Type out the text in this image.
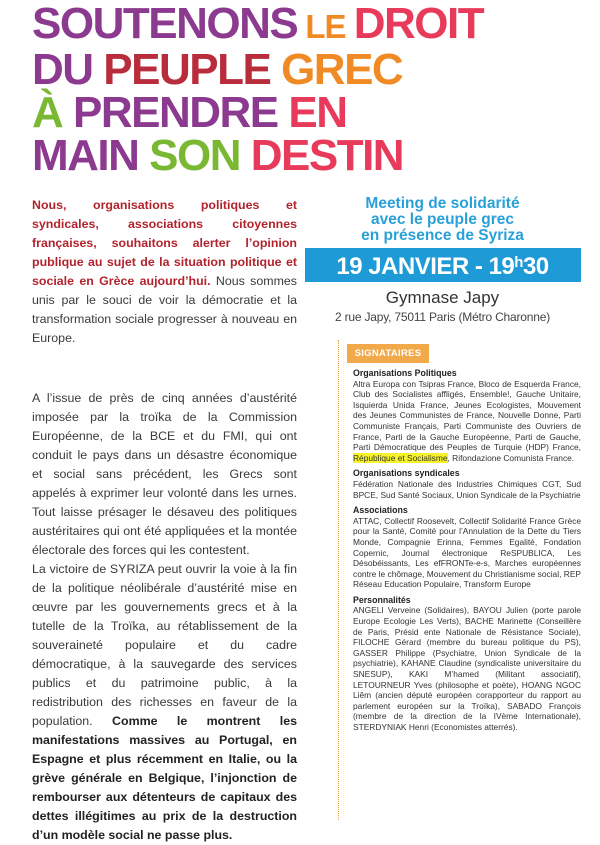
SOUTENONS LE DROIT
DU PEUPLE GREC
À PRENDRE EN
MAIN SON DESTIN
Nous, organisations politiques et syndicales, associations citoyennes françaises, souhaitons alerter l’opinion publique au sujet de la situation politique et sociale en Grèce aujourd’hui. Nous sommes unis par le souci de voir la démocratie et la transformation sociale progresser à nouveau en Europe.

A l’issue de près de cinq années d’austérité imposée par la troïka de la Commission Européenne, de la BCE et du FMI, qui ont conduit le pays dans un désastre économique et social sans précédent, les Grecs sont appelés à exprimer leur volonté dans les urnes. Tout laisse présager le désaveu des politiques austéritaires qui ont été appliquées et la montée électorale des forces qui les contestent.

La victoire de SYRIZA peut ouvrir la voie à la fin de la politique néolibérale d’austérité mise en œuvre par les gouvernements grecs et à la tutelle de la Troïka, au rétablissement de la souveraineté populaire et du cadre démocratique, à la sauvegarde des services publics et du patrimoine public, à la redistribution des richesses en faveur de la population. Comme le montrent les manifestations massives au Portugal, en Espagne et plus récemment en Italie, ou la grève générale en Belgique, l’injonction de rembourser aux détenteurs de capitaux des dettes illégitimes au prix de la destruction d’un modèle social ne passe plus.

Meeting de solidarité
avec le peuple grec
en présence de Syriza
19 JANVIER - 19$^h$30
Gymnase Japy
2 rue Japy, 75011 Paris (Métro Charonne)
SIGNATAIRES
Organisations Politiques
Altra Europa con Tsipras France, Bloco de Esquerda France, Club des Socialistes affligés, Ensemble!, Gauche Unitaire, Isquierda Unida France, Jeunes Ecologistes, Mouvement des Jeunes Communistes de France, Nouvelle Donne, Parti Communiste Français, Parti Communiste des Ouvriers de France, Parti de la Gauche Européenne, Parti de Gauche, Parti Démocratique des Peuples de Turquie (HDP) France, République et Socialisme, Rifondazione Comunista France.
Organisations syndicales
Fédération Nationale des Industries Chimiques CGT, Sud BPCE, Sud Santé Sociaux, Union Syndicale de la Psychiatrie
Associations
ATTAC, Collectif Roosevelt, Collectif Solidarité France Grèce pour la Santé, Comité pour l’Annulation de la Dette du Tiers Monde, Compagnie Erinna, Femmes Egalité, Fondation Copernic, Journal électronique ReSPUBLICA, Les Désobéissants, Les efFRONTe-e-s, Marches européennes contre le chômage, Mouvement du Christianisme social, REP Réseau Education Populaire, Transform Europe
Personnalités
ANGELI Verveine (Solidaires), BAYOU Julien (porte parole Europe Ecologie Les Verts), BACHE Marinette (Conseillère de Paris, Présid ente Nationale de Résistance Sociale), FILOCHE Gérard (membre du bureau politique du PS), GASSER Philippe (Psychiatre, Union Syndicale de la psychiatrie), KAHANE Claudine (syndicaliste universitaire du SNESUP), KAKI M’hamed (Militant associatif), LETOURNEUR Yves (philosophe et poète), HOANG NGOC Liêm (ancien député européen corapporteur du rapport au parlement européen sur la Troïka), SABADO François (membre de la direction de la IVème Internationale), STERDYNIAK Henri (Economistes atterrés).
